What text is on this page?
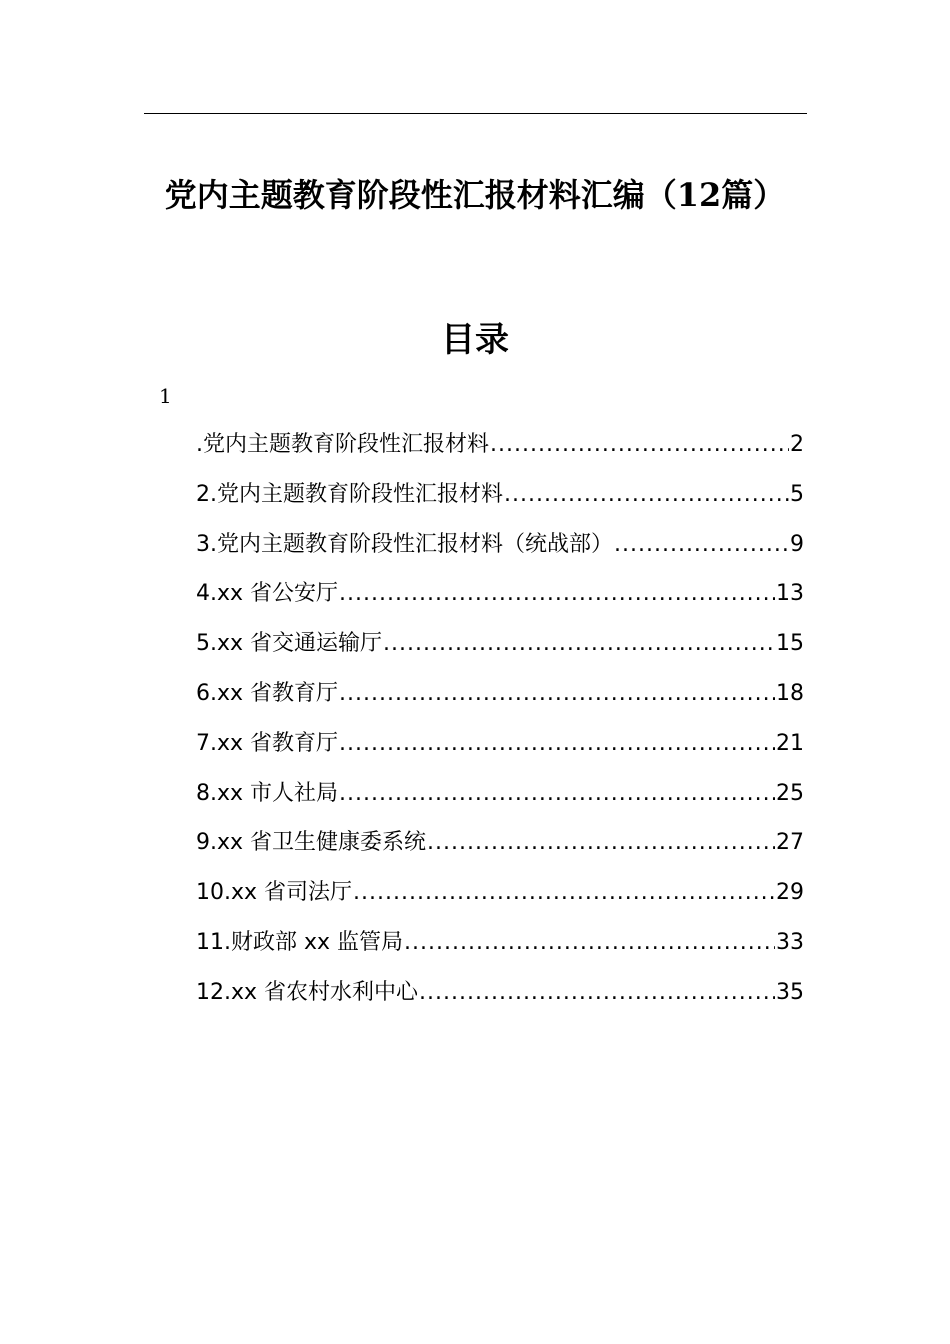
党内主题教育阶段性汇报材料汇编（12篇）
目录
1
.党内主题教育阶段性汇报材料 .....	2
2.党内主题教育阶段性汇报材料 .....	5
3.党内主题教育阶段性汇报材料（统战部） .....	9
4.xx 省公安厅 .....	13
5.xx 省交通运输厅 .....	15
6.xx 省教育厅 .....	18
7.xx 省教育厅 .....	21
8.xx 市人社局 .....	25
9.xx 省卫生健康委系统 .....	27
10.xx 省司法厅 .....	29
11.财政部 xx 监管局 .....	33
12.xx 省农村水利中心 .....	35
